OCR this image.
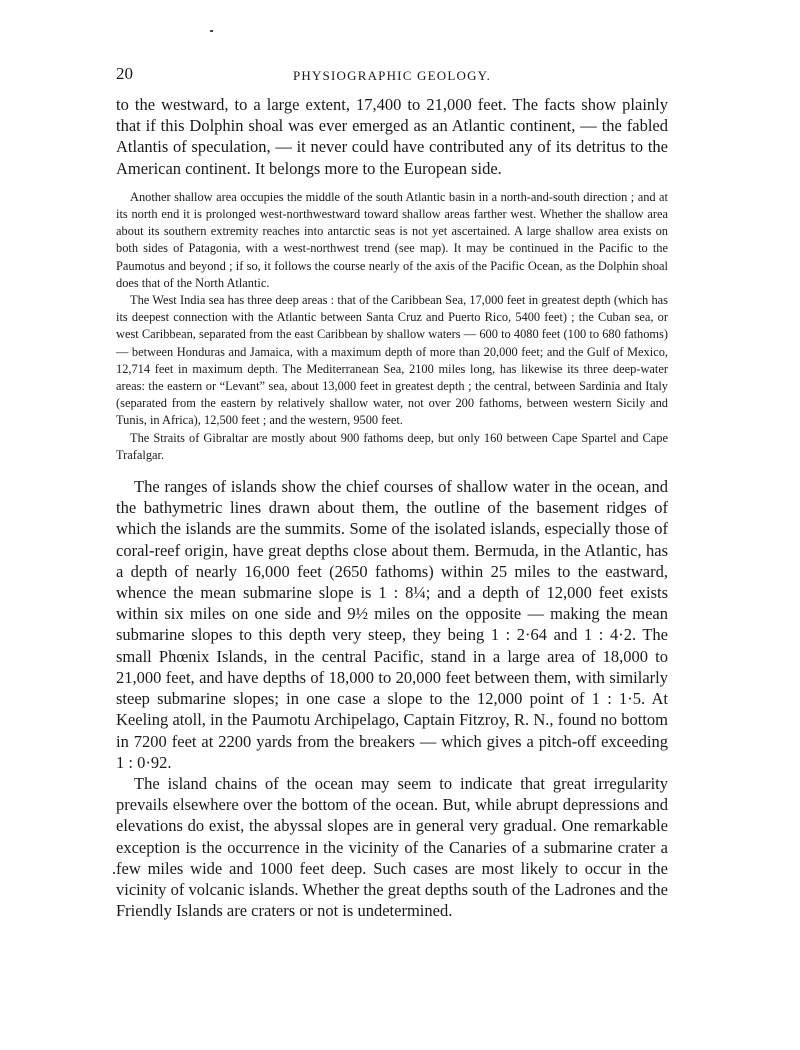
20	PHYSIOGRAPHIC GEOLOGY.

to the westward, to a large extent, 17,400 to 21,000 feet. The facts show plainly that if this Dolphin shoal was ever emerged as an Atlantic continent, — the fabled Atlantis of speculation, — it never could have contributed any of its detritus to the American continent. It belongs more to the European side.

Another shallow area occupies the middle of the south Atlantic basin in a north-and-south direction ; and at its north end it is prolonged west-northwestward toward shallow areas farther west. Whether the shallow area about its southern extremity reaches into antarctic seas is not yet ascertained. A large shallow area exists on both sides of Patagonia, with a west-northwest trend (see map). It may be continued in the Pacific to the Paumotus and beyond ; if so, it follows the course nearly of the axis of the Pacific Ocean, as the Dolphin shoal does that of the North Atlantic.

The West India sea has three deep areas : that of the Caribbean Sea, 17,000 feet in greatest depth (which has its deepest connection with the Atlantic between Santa Cruz and Puerto Rico, 5400 feet) ; the Cuban sea, or west Caribbean, separated from the east Caribbean by shallow waters — 600 to 4080 feet (100 to 680 fathoms) — between Honduras and Jamaica, with a maximum depth of more than 20,000 feet; and the Gulf of Mexico, 12,714 feet in maximum depth. The Mediterranean Sea, 2100 miles long, has likewise its three deep-water areas: the eastern or “Levant” sea, about 13,000 feet in greatest depth ; the central, between Sardinia and Italy (separated from the eastern by relatively shallow water, not over 200 fathoms, between western Sicily and Tunis, in Africa), 12,500 feet ; and the western, 9500 feet.

The Straits of Gibraltar are mostly about 900 fathoms deep, but only 160 between Cape Spartel and Cape Trafalgar.

The ranges of islands show the chief courses of shallow water in the ocean, and the bathymetric lines drawn about them, the outline of the basement ridges of which the islands are the summits. Some of the isolated islands, especially those of coral-reef origin, have great depths close about them. Bermuda, in the Atlantic, has a depth of nearly 16,000 feet (2650 fathoms) within 25 miles to the eastward, whence the mean submarine slope is 1 : 8¼; and a depth of 12,000 feet exists within six miles on one side and 9½ miles on the opposite — making the mean submarine slopes to this depth very steep, they being 1 : 2·64 and 1 : 4·2. The small Phœnix Islands, in the central Pacific, stand in a large area of 18,000 to 21,000 feet, and have depths of 18,000 to 20,000 feet between them, with similarly steep submarine slopes; in one case a slope to the 12,000 point of 1 : 1·5. At Keeling atoll, in the Paumotu Archipelago, Captain Fitzroy, R. N., found no bottom in 7200 feet at 2200 yards from the breakers — which gives a pitch-off exceeding 1 : 0·92.

The island chains of the ocean may seem to indicate that great irregularity prevails elsewhere over the bottom of the ocean. But, while abrupt depressions and elevations do exist, the abyssal slopes are in general very gradual. One remarkable exception is the occurrence in the vicinity of the Canaries of a submarine crater a few miles wide and 1000 feet deep. Such cases are most likely to occur in the vicinity of volcanic islands. Whether the great depths south of the Ladrones and the Friendly Islands are craters or not is undetermined.
